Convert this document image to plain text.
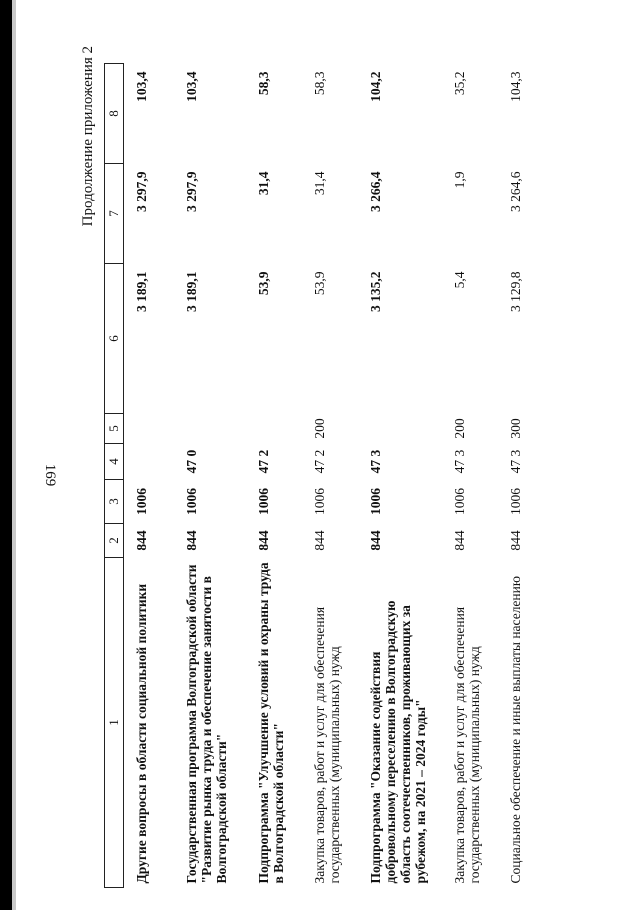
169
Продолжение приложения 2
1	2	3	4	5	6	7	8
Другие вопросы в области социальной политики	844	1006			3 189,1	3 297,9	103,4
Государственная программа Волгоградской области "Развитие рынка труда и обеспечение занятости в Волгоградской области"	844	1006	47 0		3 189,1	3 297,9	103,4
Подпрограмма "Улучшение условий и охраны труда в Волгоградской области"	844	1006	47 2		53,9	31,4	58,3
Закупка товаров, работ и услуг для обеспечения государственных (муниципальных) нужд	844	1006	47 2	200	53,9	31,4	58,3
Подпрограмма "Оказание содействия добровольному переселению в Волгоградскую область соотечественников, проживающих за рубежом, на 2021 – 2024 годы"	844	1006	47 3		3 135,2	3 266,4	104,2
Закупка товаров, работ и услуг для обеспечения государственных (муниципальных) нужд	844	1006	47 3	200	5,4	1,9	35,2
Социальное обеспечение и иные выплаты населению	844	1006	47 3	300	3 129,8	3 264,6	104,3
